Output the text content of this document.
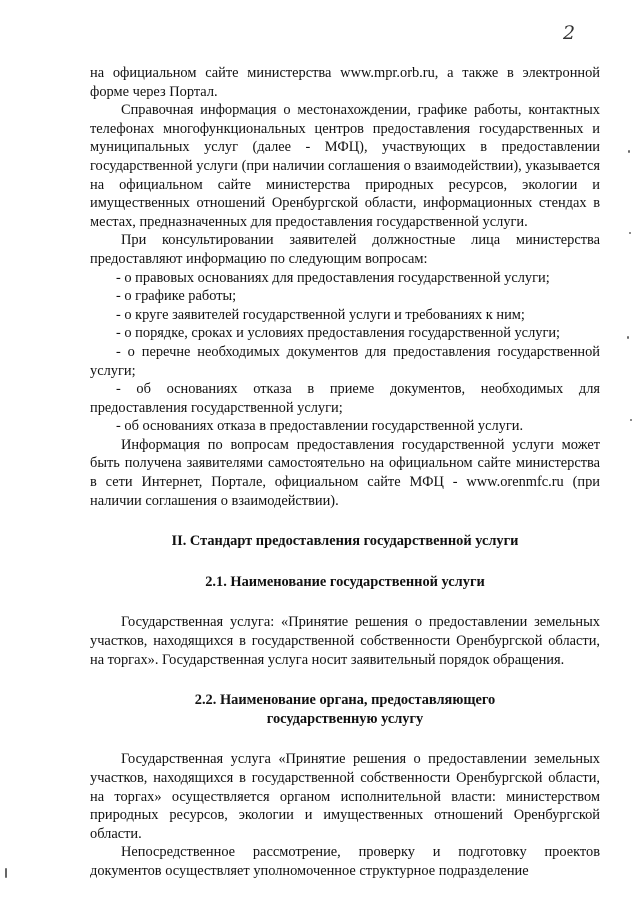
2

на официальном сайте министерства www.mpr.orb.ru, а также в электронной форме через Портал.

Справочная информация о местонахождении, графике работы, контактных телефонах многофункциональных центров предоставления государственных и муниципальных услуг (далее - МФЦ), участвующих в предоставлении государственной услуги (при наличии соглашения о взаимодействии), указывается на официальном сайте министерства природных ресурсов, экологии и имущественных отношений Оренбургской области, информационных стендах в местах, предназначенных для предоставления государственной услуги.

При консультировании заявителей должностные лица министерства предоставляют информацию по следующим вопросам:

- о правовых основаниях для предоставления государственной услуги;

- о графике работы;

- о круге заявителей государственной услуги и требованиях к ним;

- о порядке, сроках и условиях предоставления государственной услуги;

- о перечне необходимых документов для предоставления государственной услуги;

- об основаниях отказа в приеме документов, необходимых для предоставления государственной услуги;

- об основаниях отказа в предоставлении государственной услуги.

Информация по вопросам предоставления государственной услуги может быть получена заявителями самостоятельно на официальном сайте министерства в сети Интернет, Портале, официальном сайте МФЦ - www.orenmfc.ru (при наличии соглашения о взаимодействии).

II. Стандарт предоставления государственной услуги
2.1. Наименование государственной услуги

Государственная услуга: «Принятие решения о предоставлении земельных участков, находящихся в государственной собственности Оренбургской области, на торгах». Государственная услуга носит заявительный порядок обращения.

2.2. Наименование органа, предоставляющего
государственную услугу

Государственная услуга «Принятие решения о предоставлении земельных участков, находящихся в государственной собственности Оренбургской области, на торгах» осуществляется органом исполнительной власти: министерством природных ресурсов, экологии и имущественных отношений Оренбургской области.

Непосредственное рассмотрение, проверку и подготовку проектов документов осуществляет уполномоченное структурное подразделение
